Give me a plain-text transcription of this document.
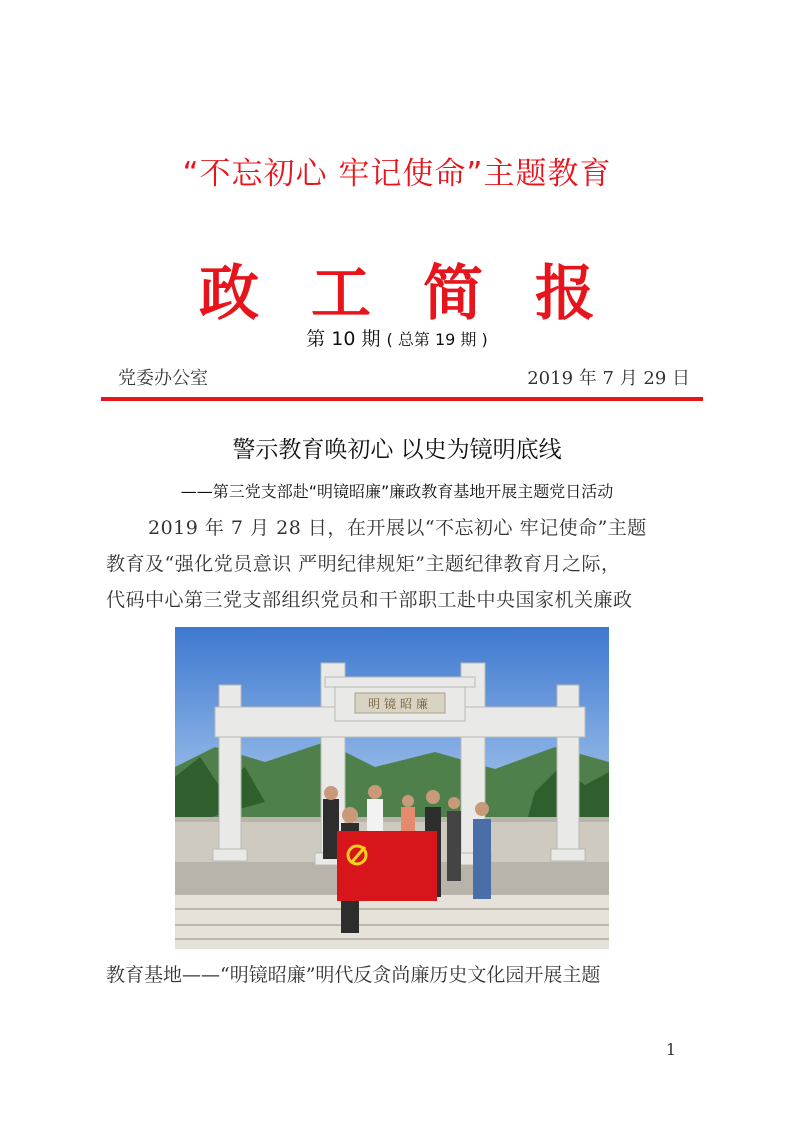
“不忘初心 牢记使命”主题教育
政工简报
第 10 期 ( 总第 19 期 )
党委办公室	2019 年 7 月 29 日
警示教育唤初心 以史为镜明底线
——第三党支部赴“明镜昭廉”廉政教育基地开展主题党日活动
2019 年 7 月 28 日，在开展以“不忘初心 牢记使命”主题
教育及“强化党员意识 严明纪律规矩”主题纪律教育月之际，
代码中心第三党支部组织党员和干部职工赴中央国家机关廉政
明镜昭廉
教育基地——“明镜昭廉”明代反贪尚廉历史文化园开展主题
1
